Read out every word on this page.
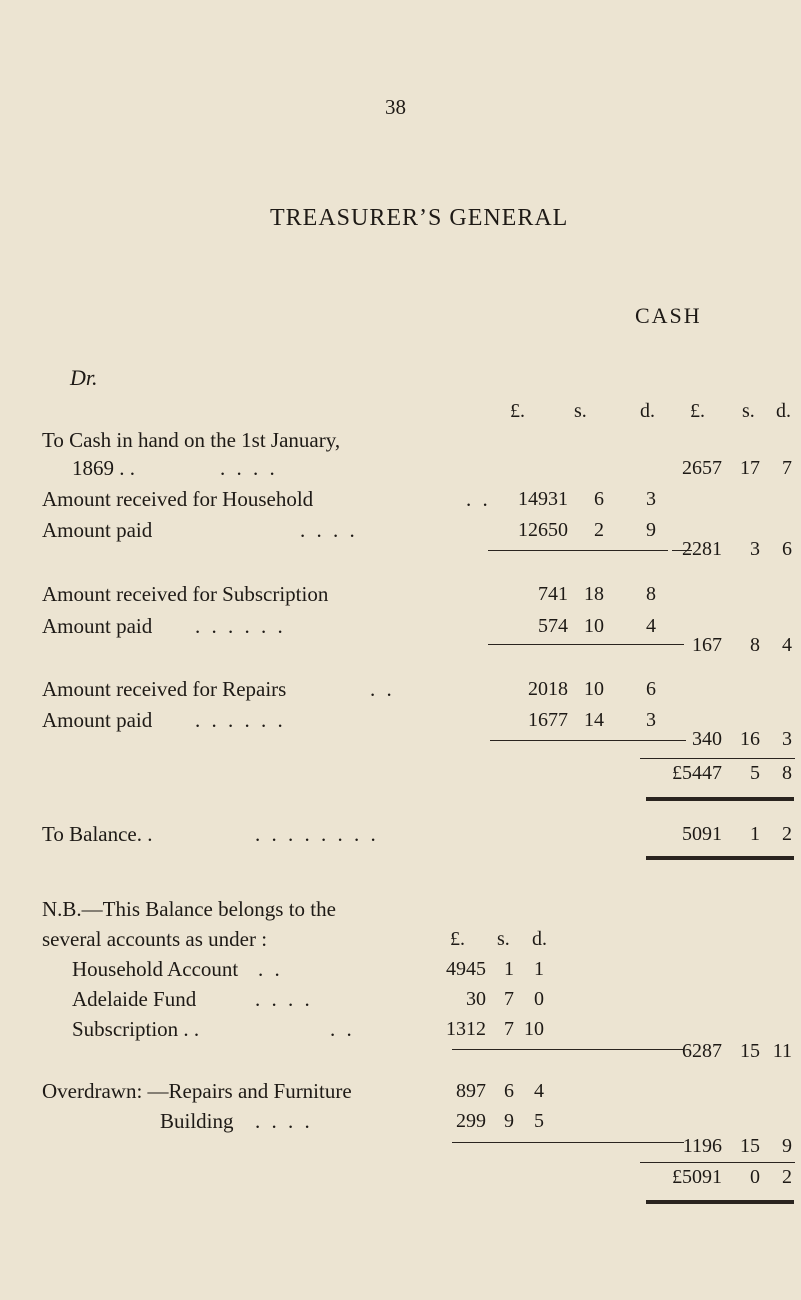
38
TREASURER’S GENERAL
CASH
Dr.
£. s.	d. £. s. d.
To Cash in hand on the 1st January,
1869 . .	. . . .	2657 17	7
Amount received for Household	. .	14931	6	3
Amount paid	. . . .	12650	2	9
2281	3	6
Amount received for Subscription	741 18	8
Amount paid . . . . . .	574 10	4
167	8	4
Amount received for Repairs	. .	2018 10	6
Amount paid . . . . . .	1677 14	3
340 16	3
£5447	5	8
To Balance. .	. . . . . . . .	5091	1	2
N.B.—This Balance belongs to the
several accounts as under :	£. s. d.
Household Account . .	4945 1	1
Adelaide Fund	. . . .	30 7	0
Subscription . .	. .	1312 7 10
6287 15 11
Overdrawn: —Repairs and Furniture	897 6	4
Building . . . .	299 9	5
1196 15	9
£5091	0	2
